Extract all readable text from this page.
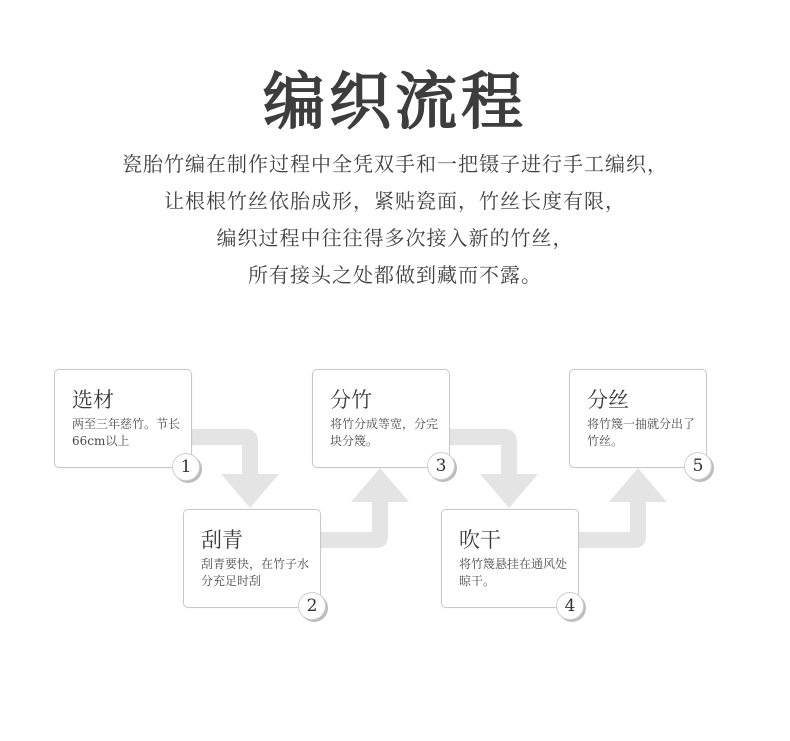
编织流程
瓷胎竹编在制作过程中全凭双手和一把镊子进行手工编织，
让根根竹丝依胎成形，紧贴瓷面，竹丝长度有限，
编织过程中往往得多次接入新的竹丝，
所有接头之处都做到藏而不露。
选材
两至三年慈竹。节长66cm以上
1
刮青
刮青要快，在竹子水分充足时刮
2
分竹
将竹分成等宽，分完块分篾。
3
吹干
将竹篾悬挂在通风处晾干。
4
分丝
将竹篾一抽就分出了竹丝。
5
